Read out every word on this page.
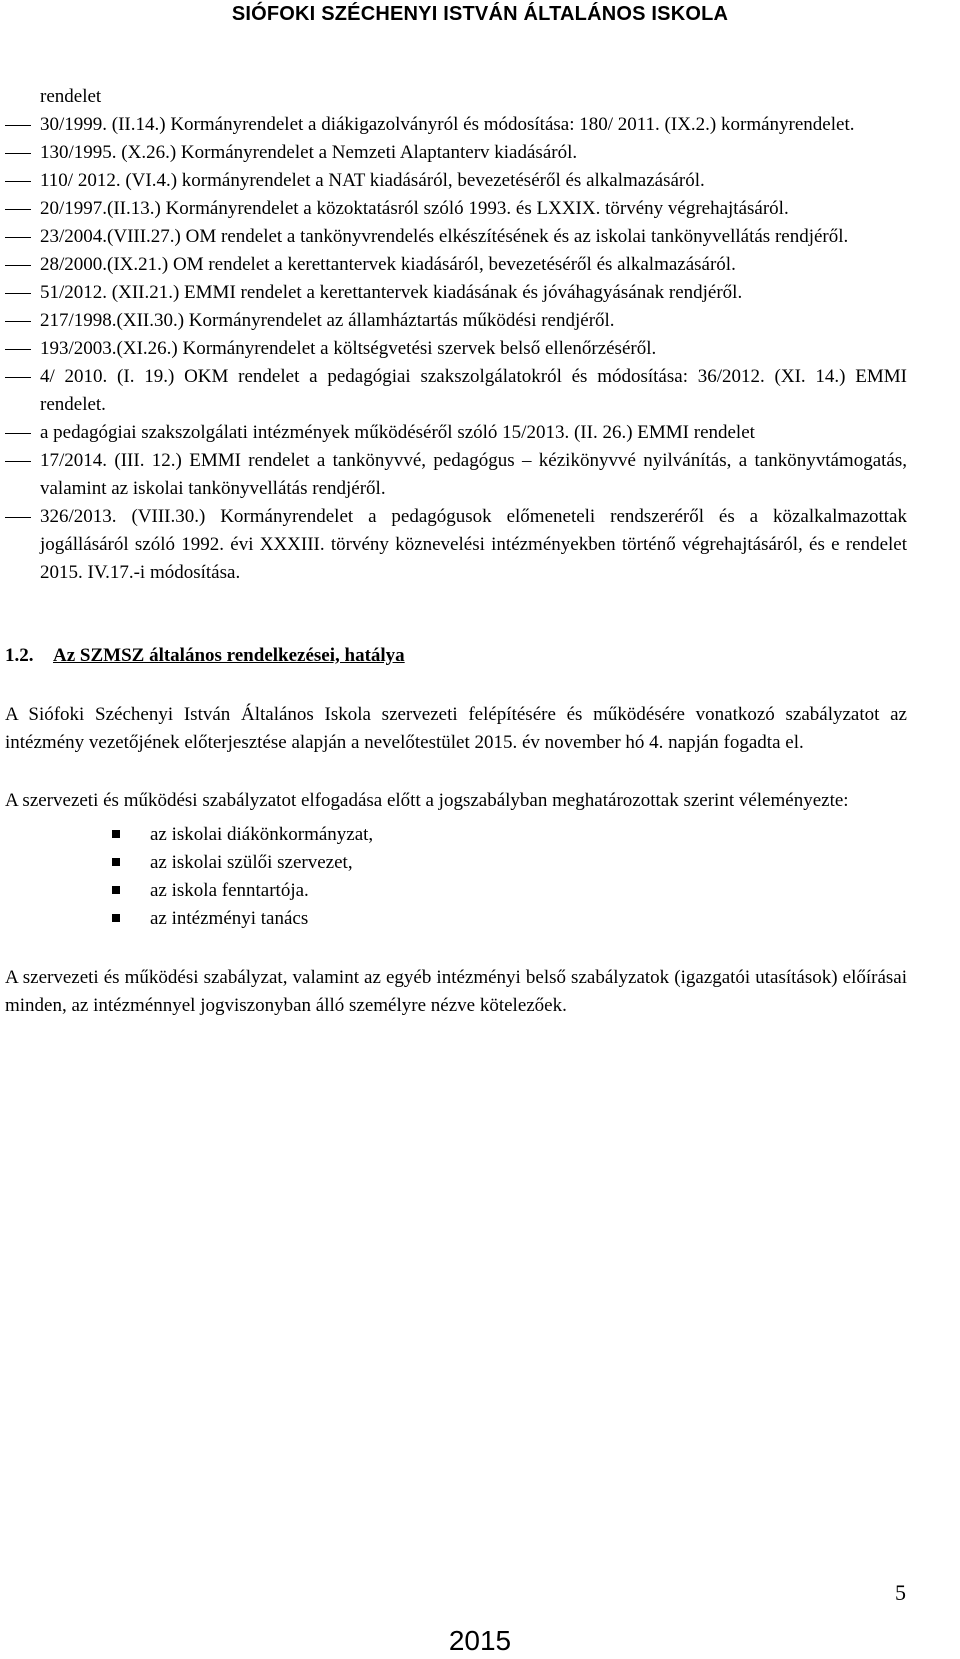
SIÓFOKI SZÉCHENYI ISTVÁN ÁLTALÁNOS ISKOLA
rendelet
30/1999. (II.14.) Kormányrendelet a diákigazolványról és módosítása: 180/ 2011. (IX.2.) kormányrendelet.
130/1995. (X.26.) Kormányrendelet a Nemzeti Alaptanterv kiadásáról.
110/ 2012. (VI.4.) kormányrendelet a NAT kiadásáról, bevezetéséről és alkalmazásáról.
20/1997.(II.13.) Kormányrendelet a közoktatásról szóló 1993. és LXXIX. törvény végrehajtásáról.
23/2004.(VIII.27.) OM rendelet a tankönyvrendelés elkészítésének és az iskolai tankönyvellátás rendjéről.
28/2000.(IX.21.) OM rendelet a kerettantervek kiadásáról, bevezetéséről és alkalmazásáról.
51/2012. (XII.21.) EMMI rendelet a kerettantervek kiadásának és jóváhagyásának rendjéről.
217/1998.(XII.30.) Kormányrendelet az államháztartás működési rendjéről.
193/2003.(XI.26.) Kormányrendelet a költségvetési szervek belső ellenőrzéséről.
4/ 2010. (I. 19.) OKM rendelet a pedagógiai szakszolgálatokról és módosítása: 36/2012. (XI. 14.) EMMI rendelet.
a pedagógiai szakszolgálati intézmények működéséről szóló 15/2013. (II. 26.) EMMI rendelet
17/2014. (III. 12.) EMMI rendelet a tankönyvvé, pedagógus – kézikönyvvé nyilvánítás, a tankönyvtámogatás, valamint az iskolai tankönyvellátás rendjéről.
326/2013. (VIII.30.) Kormányrendelet a pedagógusok előmeneteli rendszeréről és a közalkalmazottak jogállásáról szóló 1992. évi XXXIII. törvény köznevelési intézményekben történő végrehajtásáról, és e rendelet 2015. IV.17.-i módosítása.
1.2. Az SZMSZ általános rendelkezései, hatálya

A Siófoki Széchenyi István Általános Iskola szervezeti felépítésére és működésére vonatkozó szabályzatot az intézmény vezetőjének előterjesztése alapján a nevelőtestület 2015. év november hó 4. napján fogadta el.

A szervezeti és működési szabályzatot elfogadása előtt a jogszabályban meghatározottak szerint véleményezte:

az iskolai diákönkormányzat,
az iskolai szülői szervezet,
az iskola fenntartója.
az intézményi tanács

A szervezeti és működési szabályzat, valamint az egyéb intézményi belső szabályzatok (igazgatói utasítások) előírásai minden, az intézménnyel jogviszonyban álló személyre nézve kötelezőek.

5
2015
